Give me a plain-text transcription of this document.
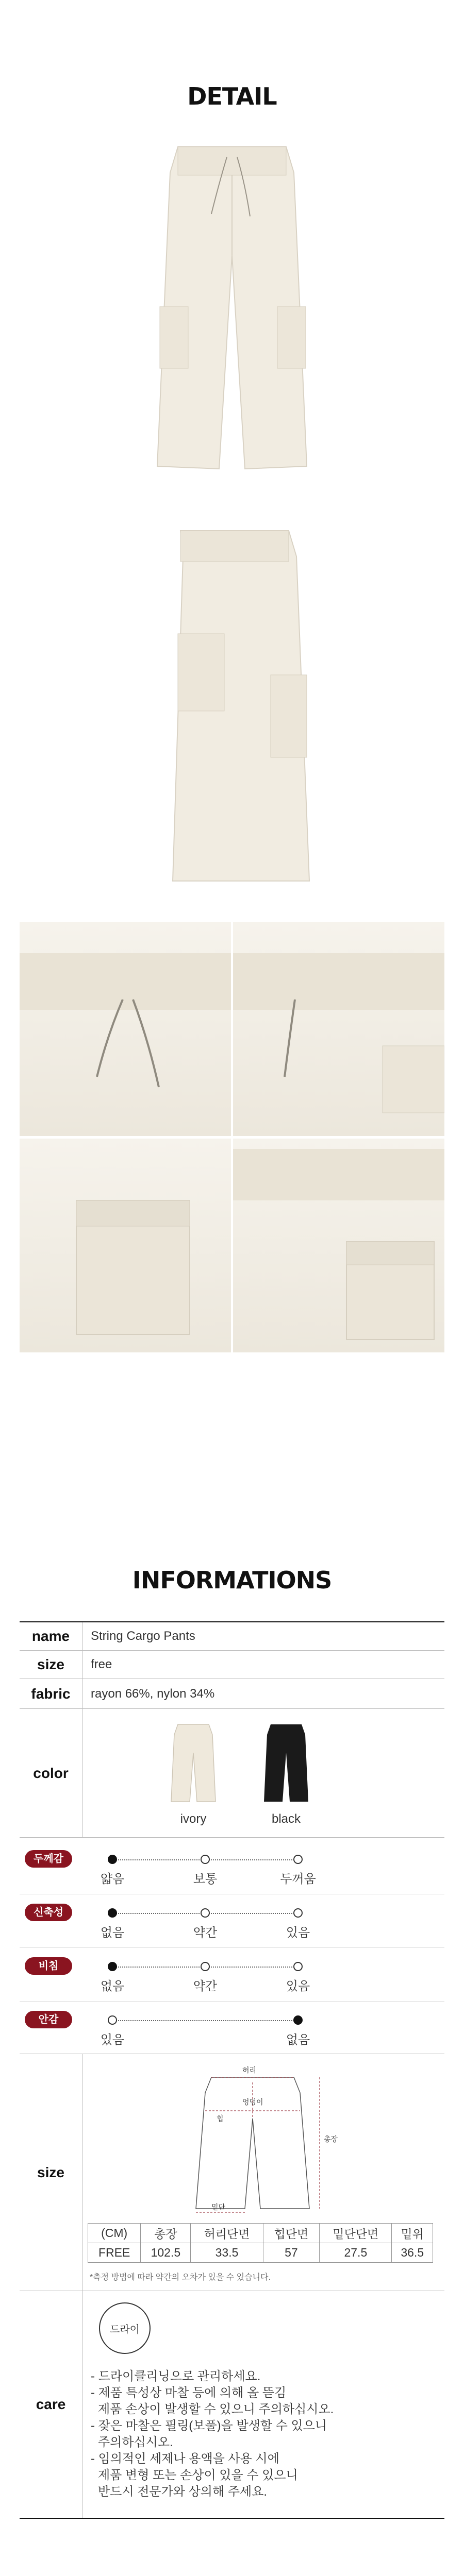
DETAIL
INFORMATIONS
name	String Cargo Pants
size	free
fabric	rayon 66%, nylon 34%
color
ivory	black
두께감
얇음	보통	두꺼움
신축성
없음	약간	있음
비침
없음	약간	있음
안감
있음	없음
size
허리
엉덩이
힙
총장
밑단
(CM)	총장	허리단면	힙단면	밑단단면	밑위
FREE	102.5	33.5	57	27.5	36.5
*측정 방법에 따라 약간의 오차가 있을 수 있습니다.
care
드라이
- 드라이클리닝으로 관리하세요.
- 제품 특성상 마찰 등에 의해 올 뜯김
제품 손상이 발생할 수 있으니 주의하십시오.
- 잦은 마찰은 필링(보풀)을 발생할 수 있으니
주의하십시오.
- 임의적인 세제나 용액을 사용 시에
제품 변형 또는 손상이 있을 수 있으니
반드시 전문가와 상의해 주세요.
